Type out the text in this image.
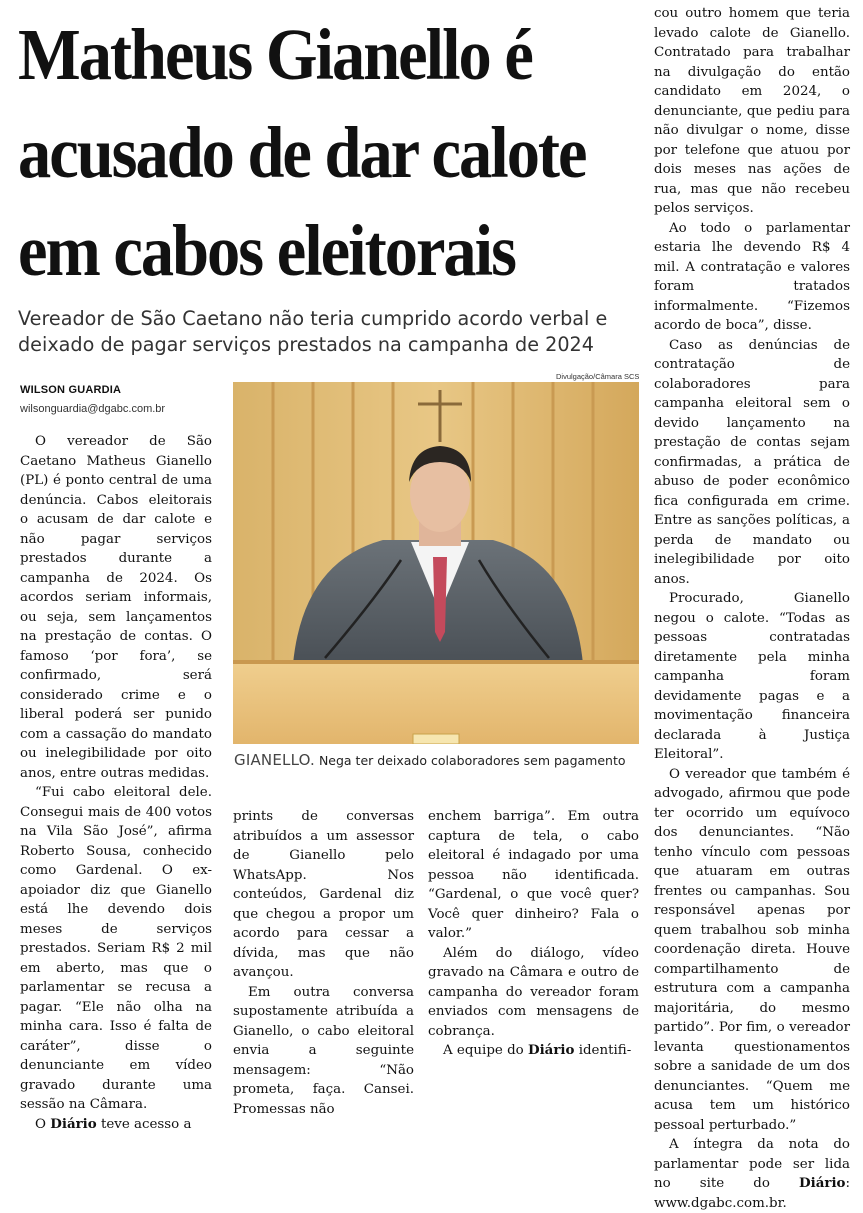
Matheus Gianello é
acusado de dar calote
em cabos eleitorais
Vereador de São Caetano não teria cumprido acordo verbal e
deixado de pagar serviços prestados na campanha de 2024
WILSON GUARDIA
wilsonguardia@dgabc.com.br

O vereador de São Caetano Matheus Gianello (PL) é ponto central de uma denúncia. Cabos eleitorais o acusam de dar calote e não pagar serviços prestados durante a campanha de 2024. Os acordos seriam informais, ou seja, sem lançamentos na prestação de contas. O famoso ‘por fora’, se confirmado, será considerado crime e o liberal poderá ser punido com a cassação do mandato ou inelegibilidade por oito anos, entre outras medidas.

“Fui cabo eleitoral dele. Consegui mais de 400 votos na Vila São José”, afirma Roberto Sousa, conhecido como Gardenal. O ex-apoiador diz que Gianello está lhe devendo dois meses de serviços prestados. Seriam R$ 2 mil em aberto, mas que o parlamentar se recusa a pagar. “Ele não olha na minha cara. Isso é falta de caráter”, disse o denunciante em vídeo gravado durante uma sessão na Câmara.

O Diário teve acesso a

Divulgação/Câmara SCS
GIANELLO. Nega ter deixado colaboradores sem pagamento

prints de conversas atribuídos a um assessor de Gianello pelo WhatsApp. Nos conteúdos, Gardenal diz que chegou a propor um acordo para cessar a dívida, mas que não avançou.

Em outra conversa supostamente atribuída a Gianello, o cabo eleitoral envia a seguinte mensagem: “Não prometa, faça. Cansei. Promessas não

enchem barriga”. Em outra captura de tela, o cabo eleitoral é indagado por uma pessoa não identificada. “Gardenal, o que você quer? Você quer dinheiro? Fala o valor.”

Além do diálogo, vídeo gravado na Câmara e outro de campanha do vereador foram enviados com mensagens de cobrança.

A equipe do Diário identifi-

cou outro homem que teria levado calote de Gianello. Contratado para trabalhar na divulgação do então candidato em 2024, o denunciante, que pediu para não divulgar o nome, disse por telefone que atuou por dois meses nas ações de rua, mas que não recebeu pelos serviços.

Ao todo o parlamentar estaria lhe devendo R$ 4 mil. A contratação e valores foram tratados informalmente. “Fizemos acordo de boca”, disse.

Caso as denúncias de contratação de colaboradores para campanha eleitoral sem o devido lançamento na prestação de contas sejam confirmadas, a prática de abuso de poder econômico fica configurada em crime. Entre as sanções políticas, a perda de mandato ou inelegibilidade por oito anos.

Procurado, Gianello negou o calote. “Todas as pessoas contratadas diretamente pela minha campanha foram devidamente pagas e a movimentação financeira declarada à Justiça Eleitoral”.

O vereador que também é advogado, afirmou que pode ter ocorrido um equívoco dos denunciantes. “Não tenho vínculo com pessoas que atuaram em outras frentes ou campanhas. Sou responsável apenas por quem trabalhou sob minha coordenação direta. Houve compartilhamento de estrutura com a campanha majoritária, do mesmo partido”. Por fim, o vereador levanta questionamentos sobre a sanidade de um dos denunciantes. “Quem me acusa tem um histórico pessoal perturbado.”

A íntegra da nota do parlamentar pode ser lida no site do Diário: www.dgabc.com.br.
